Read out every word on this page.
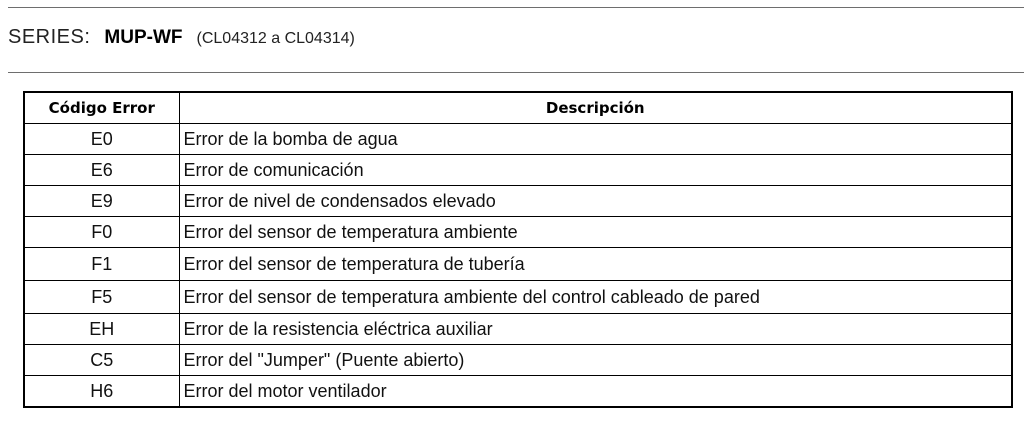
SERIES: MUP-WF (CL04312 a CL04314)
Código Error	Descripción
E0	Error de la bomba de agua
E6	Error de comunicación
E9	Error de nivel de condensados elevado
F0	Error del sensor de temperatura ambiente
F1	Error del sensor de temperatura de tubería
F5	Error del sensor de temperatura ambiente del control cableado de pared
EH	Error de la resistencia eléctrica auxiliar
C5	Error del "Jumper" (Puente abierto)
H6	Error del motor ventilador
